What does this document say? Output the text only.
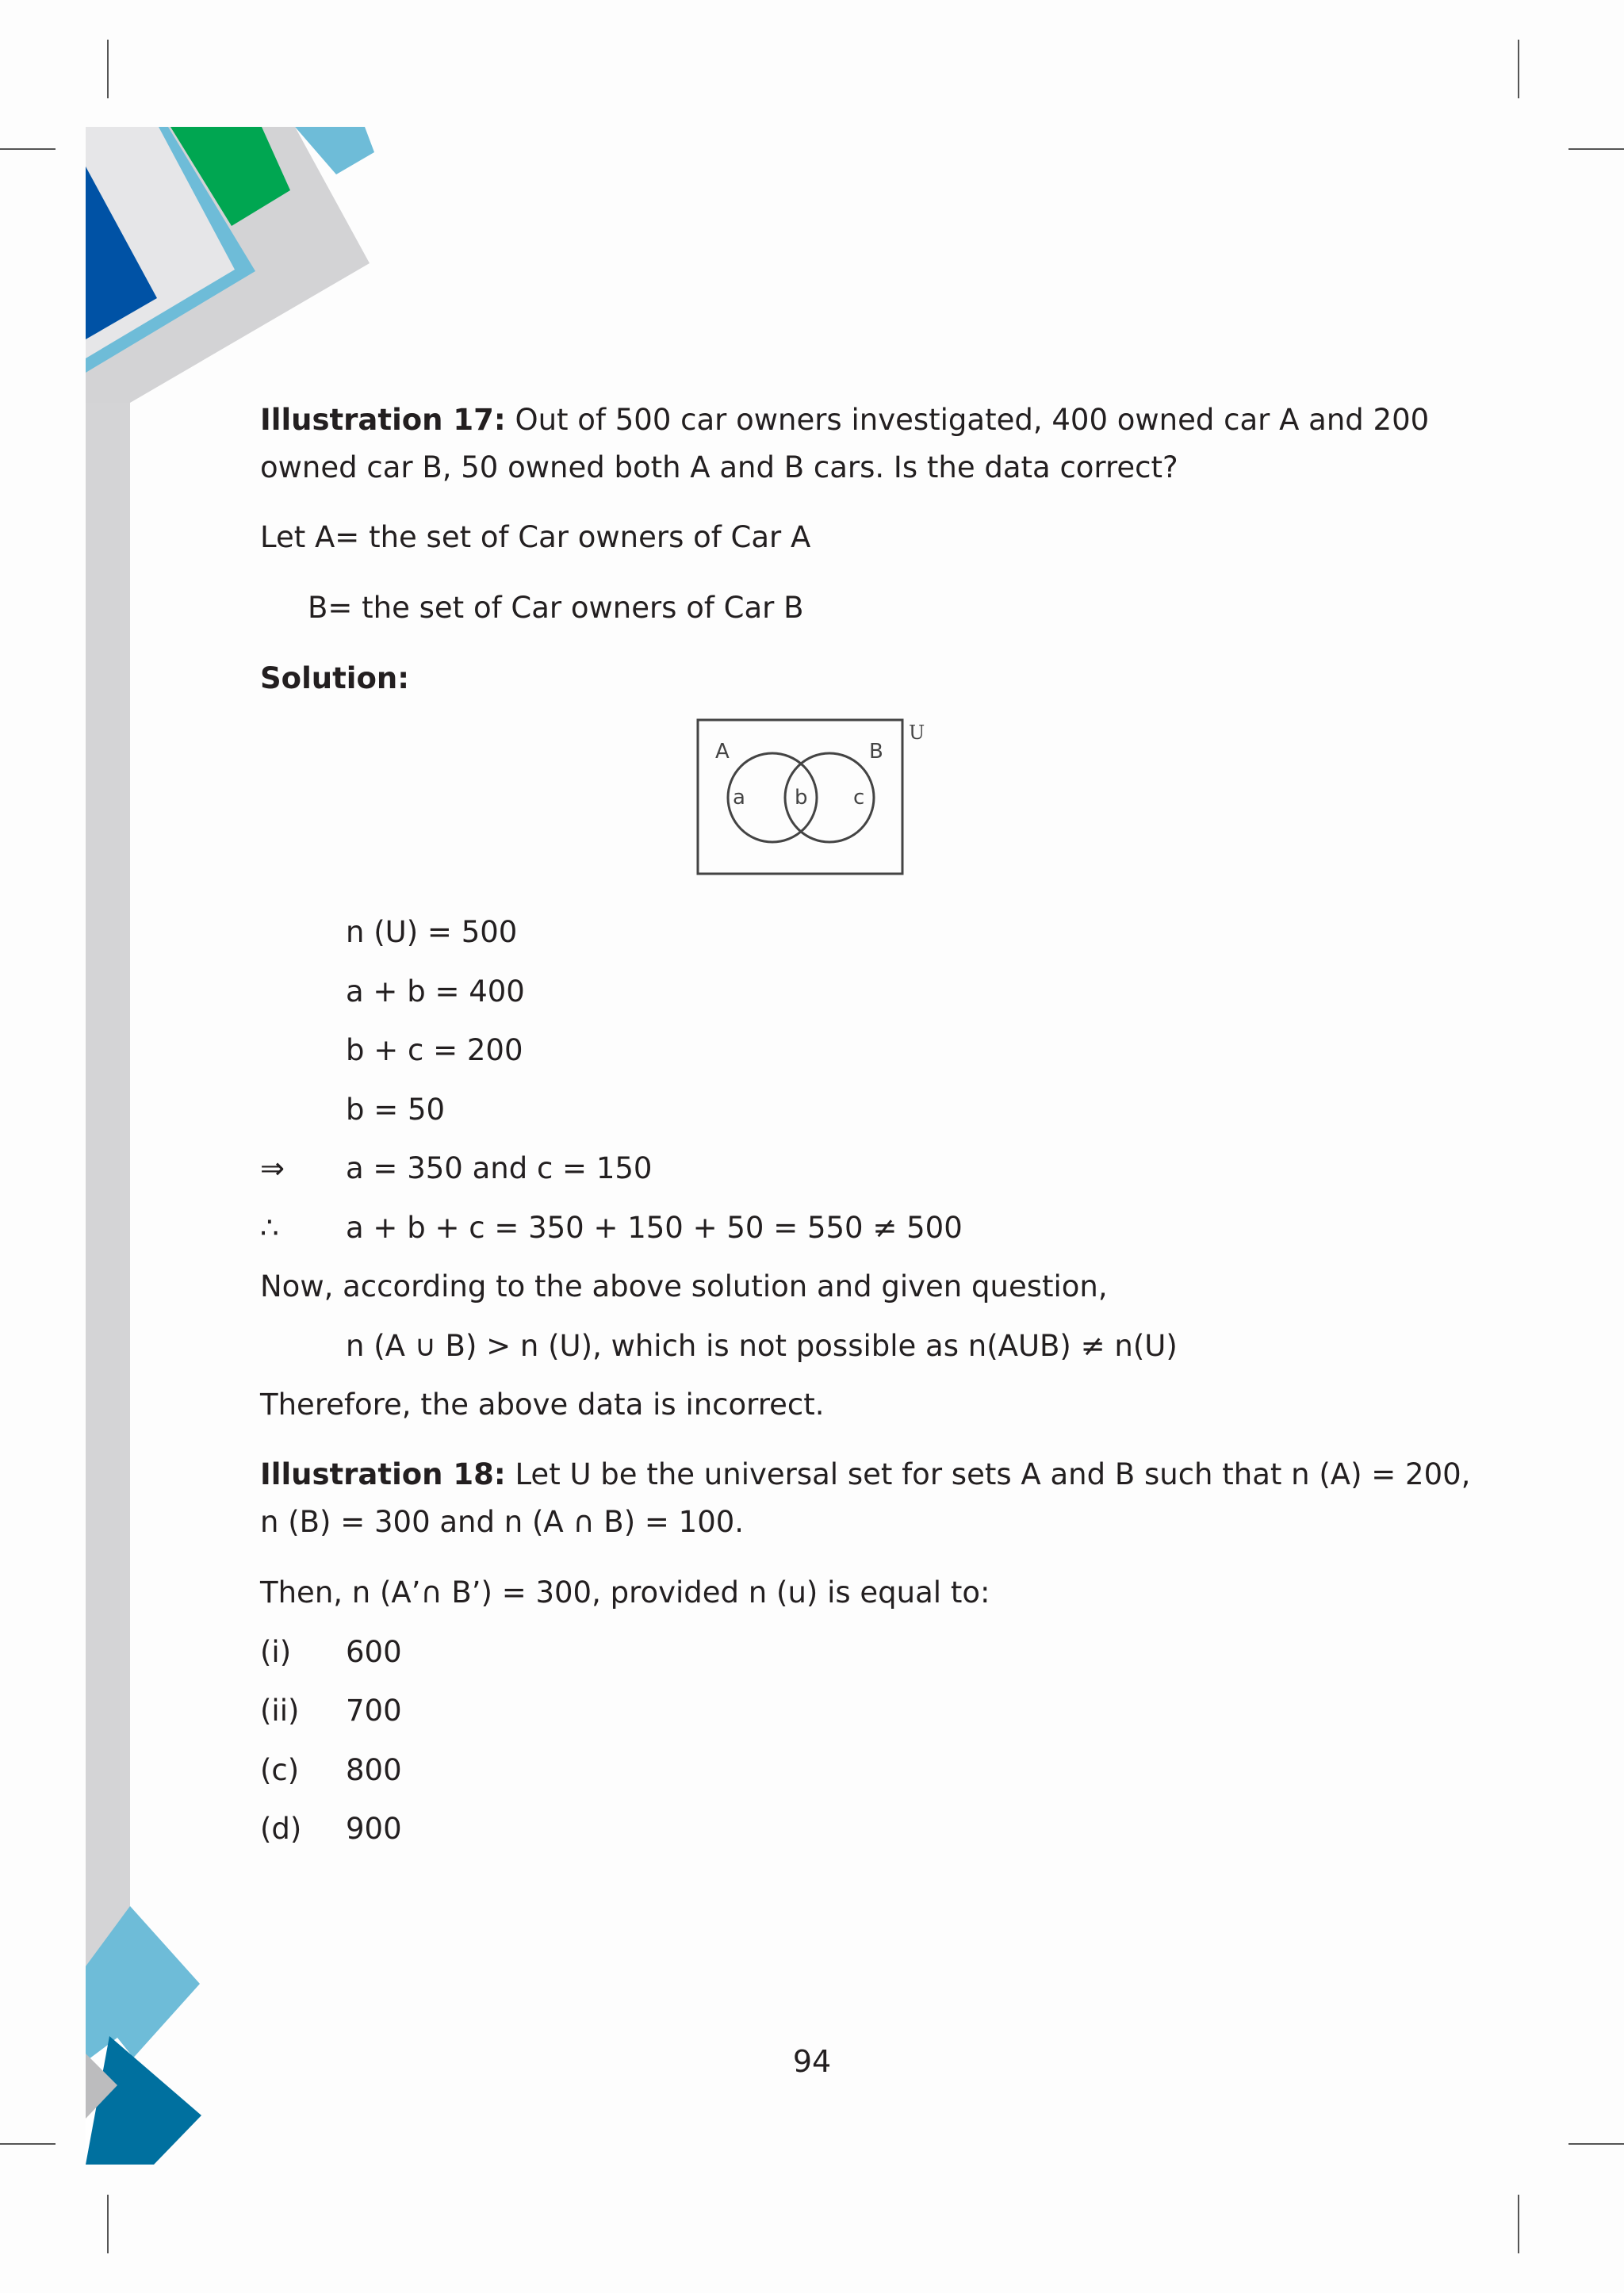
Illustration 17: Out of 500 car owners investigated, 400 owned car A and 200
owned car B, 50 owned both A and B cars. Is the data correct?
Let A= the set of Car owners of Car A
B= the set of Car owners of Car B
Solution:
U
A	B
a b c
n (U) = 500
a + b = 400
b + c = 200
b = 50
⇒ a = 350 and c = 150
∴ a + b + c = 350 + 150 + 50 = 550 ≠ 500
Now, according to the above solution and given question,
n (A ∪ B) > n (U), which is not possible as n(AUB) ≠ n(U)
Therefore, the above data is incorrect.
Illustration 18: Let U be the universal set for sets A and B such that n (A) = 200,
n (B) = 300 and n (A ∩ B) = 100.
Then, n (A’∩ B’) = 300, provided n (u) is equal to:
(i) 600
(ii) 700
(c) 800
(d) 900
94
